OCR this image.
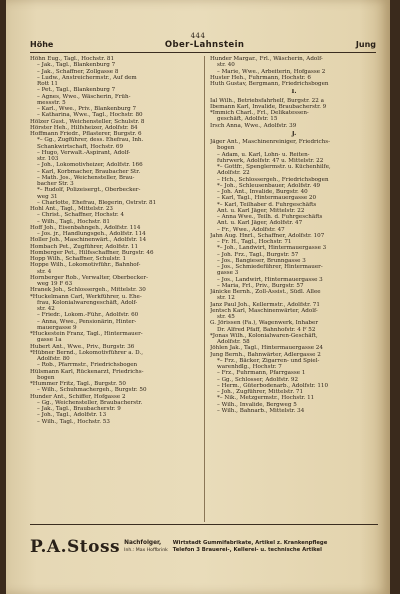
444
Höhe	Ober-Lahnstein	Jung
Höhn Eug., Tagl., Hochstr. 81
– Jak., Tagl., Blankenburg 7
– Jak., Schaffner, Zollgasse 8
– Ludw., Anstreichermstr., Auf dem
Rott 11
– Pet., Tagl., Blankenburg 7
– Agnes, Wwe., Wäscherin, Früh-
messstr. 5
– Karl., Wwe., Priv., Blankenburg 7
– Katharina, Wwe., Tagl., Hochstr. 80
Hölzer Gust., Weichensteller, Schulstr. 8
Hörster Heh., Hilfsheizer, Adolfstr. 84
Hoffmann Friedr., Pflasterer, Burgstr. 6
*– Gg., Zugführer, dess. Ehefrau, Inh.
Schankwirtschaft, Hochstr. 69
– Hugo, Verwalt.-Aspirant, Adolf-
str. 103
– Joh., Lokomotivheizer, Adolfstr. 166
– Karl, Korbmacher, Braubacher Str.
– Math. Jos., Weichensteller, Brau-
bacher Str. 3
*– Rudolf, Polizeisergt., Oberbecker-
weg 31
– Charlotte, Ehefrau, Blegerin, Ostrstr. 81
Hohl Ant., Tagl., Mittelstr. 23
– Christ., Schaffner, Hochstr. 4
– Wilh., Tagl., Hochstr. 81
Hoff Joh., Eisenbahngeh., Adolfstr. 114
– Jos. jr., Handlungsgeh., Adolfstr. 114
Holler Joh., Maschinenwärt., Adolfstr. 14
Hombach Pet., Zugführer, Adolfstr. 11
Homberger Pet., Hilfsschaffner, Burgstr. 46
Hopp Wilh., Schaffner, Schulstr. 1
Hoppe Wilh., Lokomotivführ., Bahnhof-
str. 4
Hornberger Rob., Verwalter, Oberbecker-
weg 19 F 63
Hranek Joh., Schlossergeh., Mittelstr. 30
*Huckelmann Carl, Werkführer, u. Ehe-
frau, Kolonialwarengeschäft, Adolf-
str. 42
– Friedr., Lokom.-Führ., Adolfstr. 60
– Anna, Wwe., Pensionärin, Hinter-
mauergasse 9
*Huckestein Franz, Tagl., Hintermauer-
gasse 1a
Hubert Ant., Wwe., Priv., Burgstr. 36
*Hübner Bernd., Lokomotivführer a. D.,
Adolfstr. 80
– Rob., Pfarrmstr., Friedrichsbogen
Hülsmann Karl, Rückenarzt, Friedrichs-
bogen
*Hummer Fritz, Tagl., Burgstr. 50
– Wilh., Schuhmachergeh., Burgstr. 50
Hunder Ant., Schiffer, Hofgasse 2
– Gg., Weichensteller, Braubacherstr.
– Jak., Tagl., Braubacherstr. 9
– Joh., Tagl., Adolfstr. 13
– Wilh., Tagl., Hochstr. 53
Hunder Margar., Frl., Wäscherin, Adolf-
str. 40
– Marie, Wwe., Arbeiterin, Hofgasse 2
Huster Heh., Fuhrmann, Hochstr. 6
Huth Gustav, Bergmann, Friedrichsbogen
I.
Ial Wilh., Betriebsfahrhelf, Burgstr. 22 a
Ibemann Karl, Invalide, Braubacherstr. 9
*Immich Charl., Frl., Delikatessen-
geschäft, Adolfstr. 15
Irsch Anna, Wwe., Adolfstr. 39
J.
Jäger Ant., Maschinenreiniger, Friedrichs-
bogen
– Adam, u. Karl, Lohn- u. Reiten-
fuhrwerk, Adolfstr. 47 u. Mittelstr. 22
*– Gottfr., Spenglermstr. u. Küchenhilfe,
Adolfstr. 22
– Hch., Schlossergeh., Friedrichsbogen
*– Joh., Schleusenbauer, Adolfstr. 49
– Joh. Ant., Invalide, Burgstr. 40
– Karl, Tagl., Hintermauergasse 20
*– Karl, Teilhaber d. Fuhrgeschäfts
Ant. u. Karl Jäger, Mittelstr. 22
– Anna Wwe., Teilh. d. Fuhrgeschäfts
Ant. u. Karl Jäger, Adolfstr. 47
– Fr., Wwe., Adolfstr. 47
Jahn Aug. Hnrl., Schaffner, Adolfstr. 107
– Fr. H., Tagl., Hochstr. 71
*– Joh., Landwirt, Hintermauergasse 3
– Joh. Frz., Tagl., Burgstr. 57
– Jos., Bangieser, Brunngasse 3
– Jos., Schmiedeführer, Hintermauer-
gasse 3
– Jos., Landwirt, Hintermauergasse 3
– Maria, Frl., Priv., Burgstr. 57
Jänicke Bernh., Zoll-Assist., Südl. Allee
str. 12
Janz Paul Joh., Kellermstr., Adolfstr. 71
Jentsch Karl, Maschinenwärter, Adolf-
str. 45
G. Jörissen (Fa.), Wagenwerk, Inhaber
Dr. Alfred Pfaff, Bahnhofstr. 4 F 52
*Jonas Wilh., Kolonialwaren-Geschäft,
Adolfstr. 58
Jöhlen Jak., Tagl., Hintermauergasse 24
Jung Bernh., Bahnwärter, Adlergasse 2
*– Frz., Bäcker, Zigarren- und Spiel-
warenhdlg., Hochstr. 7
– Frz., Fuhrmann, Pfarrgasse 1
– Gg., Schlosser, Adolfstr. 92
– Herm., Güterbodenarb., Adolfstr. 110
– Joh., Zugführer, Mittelstr. 71
*– Nik., Metzgermstr., Hochstr. 11
– Wilh., Invalide, Bergweg 5
– Wilh., Bahnarb., Mittelstr. 34
P.A.Stoss Nachfolger,
Inh.: Max Hoffbrink
Wirtstadt Gummifabrikate, Artikel z. Krankenpflege
Telefon 3 Brauerei-, Kellerei- u. technische Artikel
